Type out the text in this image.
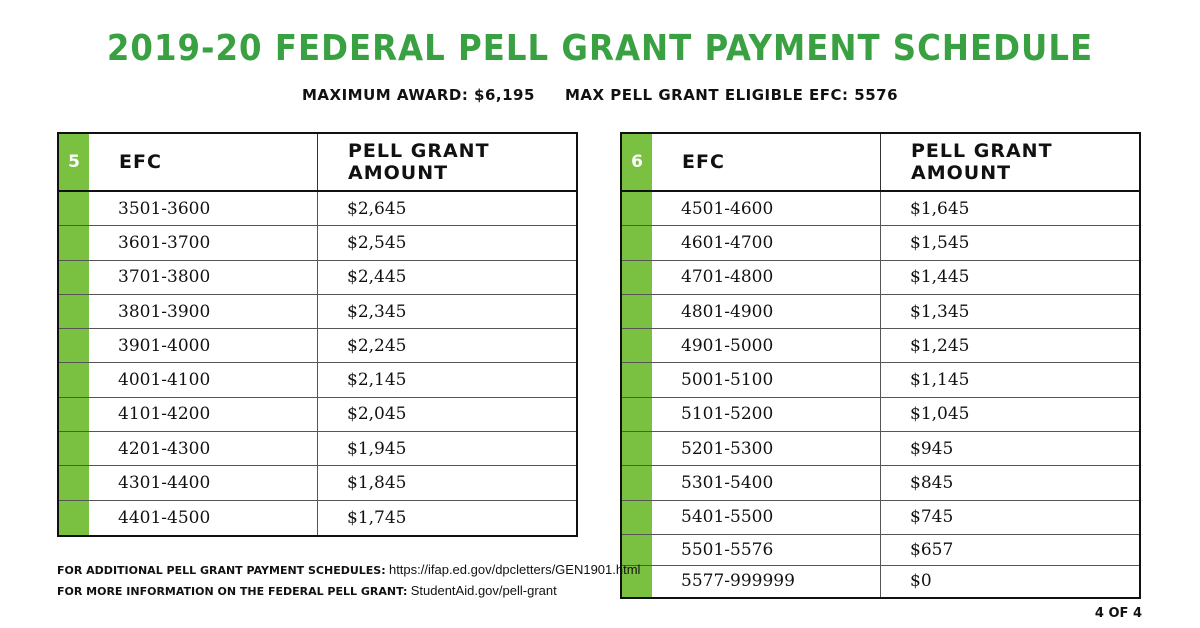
2019-20 FEDERAL PELL GRANT PAYMENT SCHEDULE
MAXIMUM AWARD: $6,195 MAX PELL GRANT ELIGIBLE EFC: 5576
5	EFC	PELL GRANT AMOUNT
3501-3600	$2,645
3601-3700	$2,545
3701-3800	$2,445
3801-3900	$2,345
3901-4000	$2,245
4001-4100	$2,145
4101-4200	$2,045
4201-4300	$1,945
4301-4400	$1,845
4401-4500	$1,745
6	EFC	PELL GRANT AMOUNT
4501-4600	$1,645
4601-4700	$1,545
4701-4800	$1,445
4801-4900	$1,345
4901-5000	$1,245
5001-5100	$1,145
5101-5200	$1,045
5201-5300	$945
5301-5400	$845
5401-5500	$745
5501-5576	$657
5577-999999	$0
FOR ADDITIONAL PELL GRANT PAYMENT SCHEDULES: https://ifap.ed.gov/dpcletters/GEN1901.html
FOR MORE INFORMATION ON THE FEDERAL PELL GRANT: StudentAid.gov/pell-grant
4 OF 4
